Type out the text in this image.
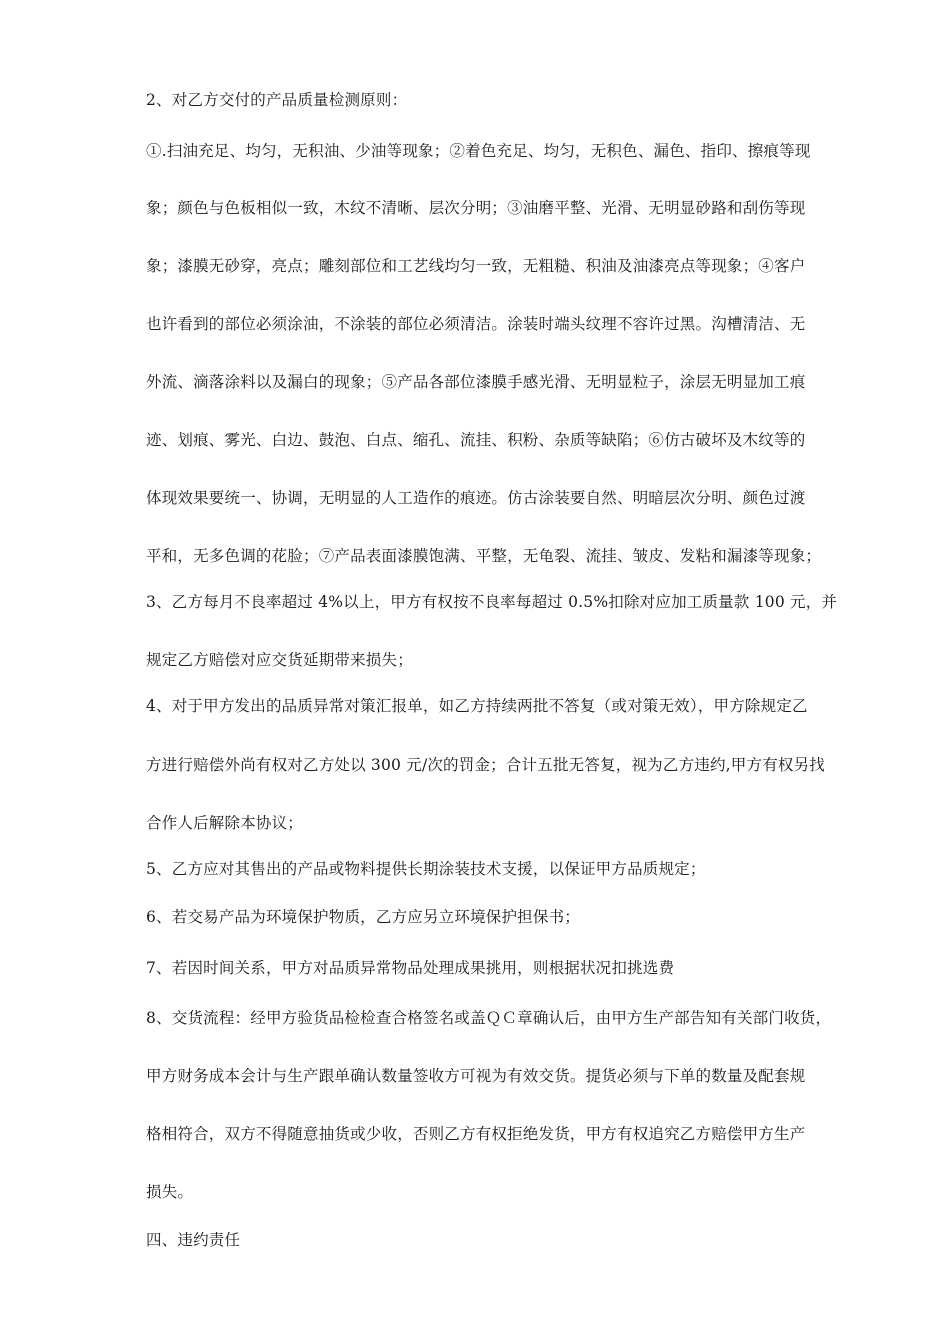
2、对乙方交付的产品质量检测原则：
①.扫油充足、均匀，无积油、少油等现象；②着色充足、均匀，无积色、漏色、指印、擦痕等现
象；颜色与色板相似一致，木纹不清晰、层次分明；③油磨平整、光滑、无明显砂路和刮伤等现
象；漆膜无砂穿，亮点；雕刻部位和工艺线均匀一致，无粗糙、积油及油漆亮点等现象；④客户
也许看到的部位必须涂油，不涂装的部位必须清洁。涂装时端头纹理不容许过黑。沟槽清洁、无
外流、滴落涂料以及漏白的现象；⑤产品各部位漆膜手感光滑、无明显粒子，涂层无明显加工痕
迹、划痕、雾光、白边、鼓泡、白点、缩孔、流挂、积粉、杂质等缺陷；⑥仿古破坏及木纹等的
体现效果要统一、协调，无明显的人工造作的痕迹。仿古涂装要自然、明暗层次分明、颜色过渡
平和，无多色调的花脸；⑦产品表面漆膜饱满、平整，无龟裂、流挂、皱皮、发粘和漏漆等现象；
3、乙方每月不良率超过 4%以上，甲方有权按不良率每超过 0.5%扣除对应加工质量款 100 元，并
规定乙方赔偿对应交货延期带来损失；
4、对于甲方发出的品质异常对策汇报单，如乙方持续两批不答复（或对策无效），甲方除规定乙
方进行赔偿外尚有权对乙方处以 300 元/次的罚金；合计五批无答复，视为乙方违约,甲方有权另找
合作人后解除本协议；
5、乙方应对其售出的产品或物料提供长期涂装技术支援，以保证甲方品质规定；
6、若交易产品为环境保护物质，乙方应另立环境保护担保书；
7、若因时间关系，甲方对品质异常物品处理成果挑用，则根据状况扣挑选费
8、交货流程：经甲方验货品检检查合格签名或盖ＱＣ章确认后，由甲方生产部告知有关部门收货，
甲方财务成本会计与生产跟单确认数量签收方可视为有效交货。提货必须与下单的数量及配套规
格相符合，双方不得随意抽货或少收，否则乙方有权拒绝发货，甲方有权追究乙方赔偿甲方生产
损失。
四、违约责任
